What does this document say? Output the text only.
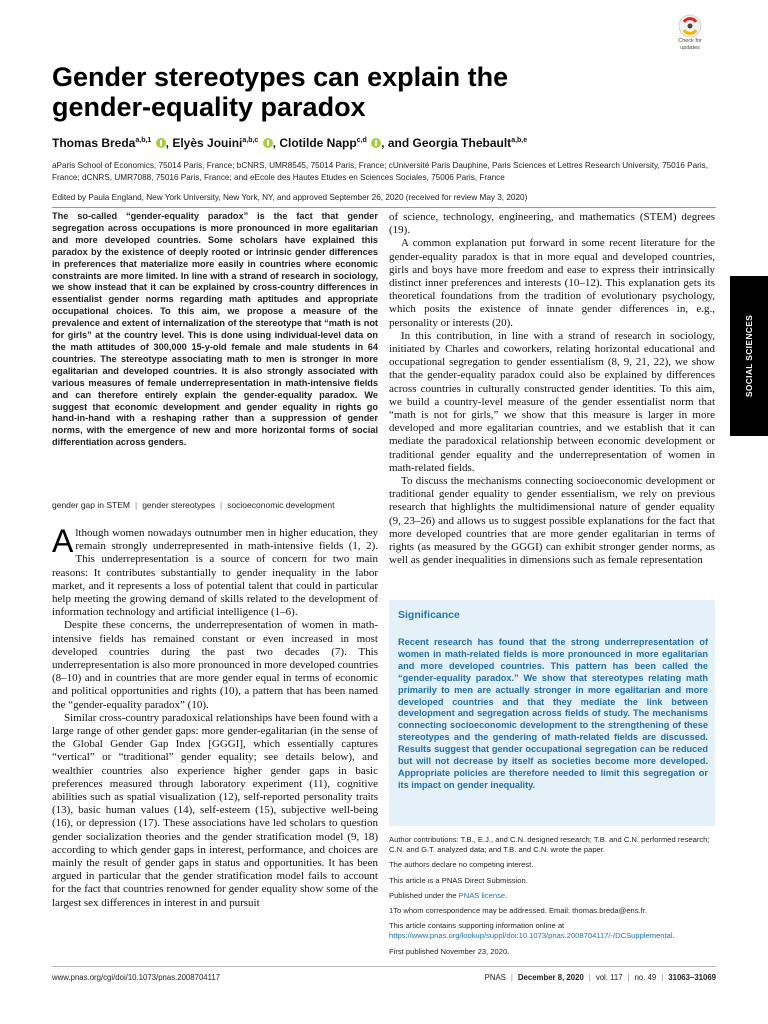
Check for
updates
Gender stereotypes can explain the gender-equality paradox
Thomas Breda$^{a,b,1}$ , Elyès Jouini$^{a,b,c}$ , Clotilde Napp$^{c,d}$ , and Georgia Thebault$^{a,b,e}$
aParis School of Economics, 75014 Paris, France; bCNRS, UMR8545, 75014 Paris, France; cUniversité Paris Dauphine, Paris Sciences et Lettres Research University, 75016 Paris, France; dCNRS, UMR7088, 75016 Paris, France; and eEcole des Hautes Etudes en Sciences Sociales, 75006 Paris, France
Edited by Paula England, New York University, New York, NY, and approved September 26, 2020 (received for review May 3, 2020)

The so-called “gender-equality paradox” is the fact that gender segregation across occupations is more pronounced in more egalitarian and more developed countries. Some scholars have explained this paradox by the existence of deeply rooted or intrinsic gender differences in preferences that materialize more easily in countries where economic constraints are more limited. In line with a strand of research in sociology, we show instead that it can be explained by cross-country differences in essentialist gender norms regarding math aptitudes and appropriate occupational choices. To this aim, we propose a measure of the prevalence and extent of internalization of the stereotype that “math is not for girls” at the country level. This is done using individual-level data on the math attitudes of 300,000 15-y-old female and male students in 64 countries. The stereotype associating math to men is stronger in more egalitarian and developed countries. It is also strongly associated with various measures of female underrepresentation in math-intensive fields and can therefore entirely explain the gender-equality paradox. We suggest that economic development and gender equality in rights go hand-in-hand with a reshaping rather than a suppression of gender norms, with the emergence of new and more horizontal forms of social differentiation across genders.

gender gap in STEM | gender stereotypes | socioeconomic development

Although women nowadays outnumber men in higher education, they remain strongly underrepresented in math-intensive fields (1, 2). This underrepresentation is a source of concern for two main reasons: It contributes substantially to gender inequality in the labor market, and it represents a loss of potential talent that could in particular help meeting the growing demand of skills related to the development of information technology and artificial intelligence (1–6).

Despite these concerns, the underrepresentation of women in math-intensive fields has remained constant or even increased in most developed countries during the past two decades (7). This underrepresentation is also more pronounced in more developed countries (8–10) and in countries that are more gender equal in terms of economic and political opportunities and rights (10), a pattern that has been named the “gender-equality paradox” (10).

Similar cross-country paradoxical relationships have been found with a large range of other gender gaps: more gender-egalitarian (in the sense of the Global Gender Gap Index [GGGI], which essentially captures “vertical” or “traditional” gender equality; see details below), and wealthier countries also experience higher gender gaps in basic preferences measured through laboratory experiment (11), cognitive abilities such as spatial visualization (12), self-reported personality traits (13), basic human values (14), self-esteem (15), subjective well-being (16), or depression (17). These associations have led scholars to question gender socialization theories and the gender stratification model (9, 18) according to which gender gaps in interest, performance, and choices are mainly the result of gender gaps in status and opportunities. It has been argued in particular that the gender stratification model fails to account for the fact that countries renowned for gender equality show some of the largest sex differences in interest in and pursuit

of science, technology, engineering, and mathematics (STEM) degrees (19).

A common explanation put forward in some recent literature for the gender-equality paradox is that in more equal and developed countries, girls and boys have more freedom and ease to express their intrinsically distinct inner preferences and interests (10–12). This explanation gets its theoretical foundations from the tradition of evolutionary psychology, which posits the existence of innate gender differences in, e.g., personality or interests (20).

In this contribution, in line with a strand of research in sociology, initiated by Charles and coworkers, relating horizontal educational and occupational segregation to gender essentialism (8, 9, 21, 22), we show that the gender-equality paradox could also be explained by differences across countries in culturally constructed gender identities. To this aim, we build a country-level measure of the gender essentialist norm that “math is not for girls,” we show that this measure is larger in more developed and more egalitarian countries, and we establish that it can mediate the paradoxical relationship between economic development or traditional gender equality and the underrepresentation of women in math-related fields.

To discuss the mechanisms connecting socioeconomic development or traditional gender equality to gender essentialism, we rely on previous research that highlights the multidimensional nature of gender equality (9, 23–26) and allows us to suggest possible explanations for the fact that more developed countries that are more gender egalitarian in terms of rights (as measured by the GGGI) can exhibit stronger gender norms, as well as gender inequalities in dimensions such as female representation

Significance

Recent research has found that the strong underrepresentation of women in math-related fields is more pronounced in more egalitarian and more developed countries. This pattern has been called the “gender-equality paradox.” We show that stereotypes relating math primarily to men are actually stronger in more egalitarian and more developed countries and that they mediate the link between development and segregation across fields of study. The mechanisms connecting socioeconomic development to the strengthening of these stereotypes and the gendering of math-related fields are discussed. Results suggest that gender occupational segregation can be reduced but will not decrease by itself as societies become more developed. Appropriate policies are therefore needed to limit this segregation or its impact on gender inequality.

Author contributions: T.B., E.J., and C.N. designed research; T.B. and C.N. performed research; C.N. and G.T. analyzed data; and T.B. and C.N. wrote the paper.
The authors declare no competing interest.
This article is a PNAS Direct Submission.
Published under the PNAS license.
1To whom correspondence may be addressed. Email: thomas.breda@ens.fr.
This article contains supporting information online at https://www.pnas.org/lookup/suppl/doi:10.1073/pnas.2008704117/-/DCSupplemental.
First published November 23, 2020.
SOCIAL SCIENCES
www.pnas.org/cgi/doi/10.1073/pnas.2008704117	PNAS | December 8, 2020 | vol. 117 | no. 49 | 31063–31069
